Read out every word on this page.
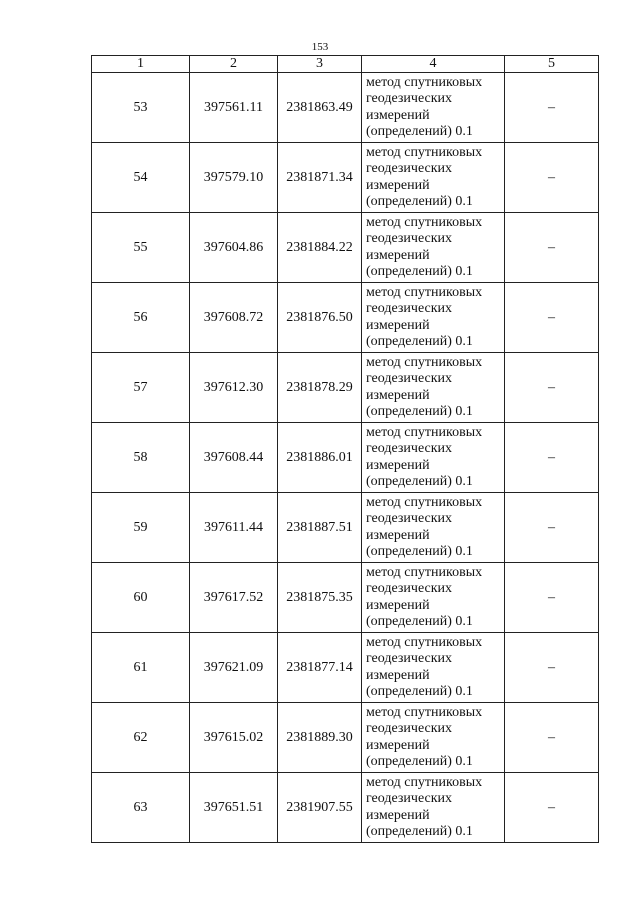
153
1	2	3	4	5
53	397561.11	2381863.49	метод спутниковых
геодезических
измерений
(определений) 0.1	–
54	397579.10	2381871.34	метод спутниковых
геодезических
измерений
(определений) 0.1	–
55	397604.86	2381884.22	метод спутниковых
геодезических
измерений
(определений) 0.1	–
56	397608.72	2381876.50	метод спутниковых
геодезических
измерений
(определений) 0.1	–
57	397612.30	2381878.29	метод спутниковых
геодезических
измерений
(определений) 0.1	–
58	397608.44	2381886.01	метод спутниковых
геодезических
измерений
(определений) 0.1	–
59	397611.44	2381887.51	метод спутниковых
геодезических
измерений
(определений) 0.1	–
60	397617.52	2381875.35	метод спутниковых
геодезических
измерений
(определений) 0.1	–
61	397621.09	2381877.14	метод спутниковых
геодезических
измерений
(определений) 0.1	–
62	397615.02	2381889.30	метод спутниковых
геодезических
измерений
(определений) 0.1	–
63	397651.51	2381907.55	метод спутниковых
геодезических
измерений
(определений) 0.1	–
